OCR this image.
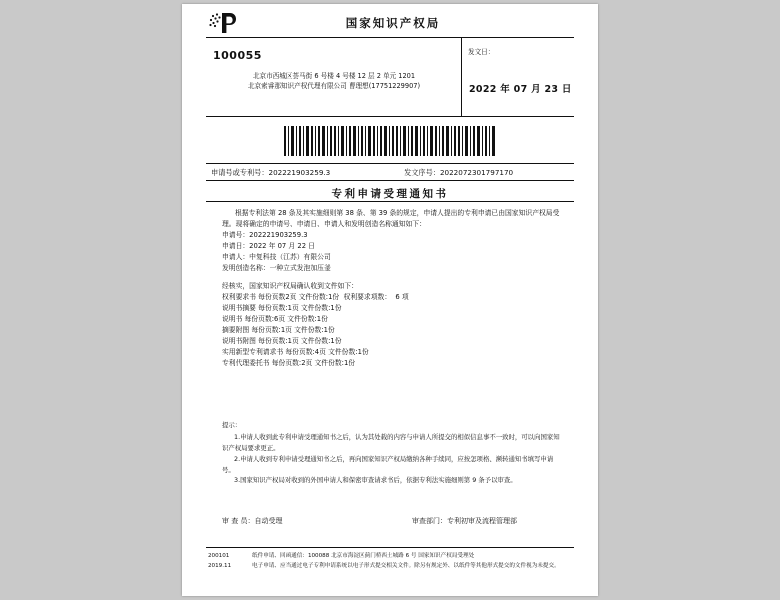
国家知识产权局
100055
北京市西城区荟马街 6 号楼 4 号楼 12 层 2 单元 1201
北京索睿那知识产权代理有限公司 曹理想(17751229907)
发文日：
2022 年 07 月 23 日
申请号或专利号：202221903259.3	发文序号：2022072301797170
专利申请受理通知书

根据专利法第 28 条及其实施细则第 38 条、第 39 条的规定，申请人提出的专利申请已由国家知识产权局受理。现将确定的申请号、申请日、申请人和发明创造名称通知如下：

申请号：202221903259.3

申请日：2022 年 07 月 22 日

申请人：中复科技（江苏）有限公司

发明创造名称：一种立式发泡加压釜

经核实，国家知识产权局确认收到文件如下：

权利要求书 每份页数2页 文件份数:1份  权利要求项数：  6 项

说明书摘要 每份页数:1页 文件份数:1份

说明书 每份页数:6页 文件份数:1份

摘要附图 每份页数:1页 文件份数:1份

说明书附图 每份页数:1页 文件份数:1份

实用新型专利请求书 每份页数:4页 文件份数:1份

专利代理委托书 每份页数:2页 文件份数:1份

提示：
1.申请人收到此专利申请受理通知书之后，认为其处载的内容与申请人所提交的相似信息事不一致时，可以向国家知识产权局要求更正。
2.申请人收到专利申请受理通知书之后，再向国家知识产权局缴纳各种手续同，应按怎项格、濒转通知书填写申请号。
3.国家知识产权局对收到的外国申请人和保密审查请求书后，依据专利法实施细则第 9 条予以审查。
审 查 员：自动受理	审查部门：专利初审及流程管理部
200101
2019.11
纸件申请、回函通信：100088 北京市海淀区蓟门桥西土城路 6 号 国家知识产权局受理处
电子申请、应当通过电子专利申请系统以电子形式提交相关文件。除另有规定外、以纸件等其他形式提交的文件视为未提交。
